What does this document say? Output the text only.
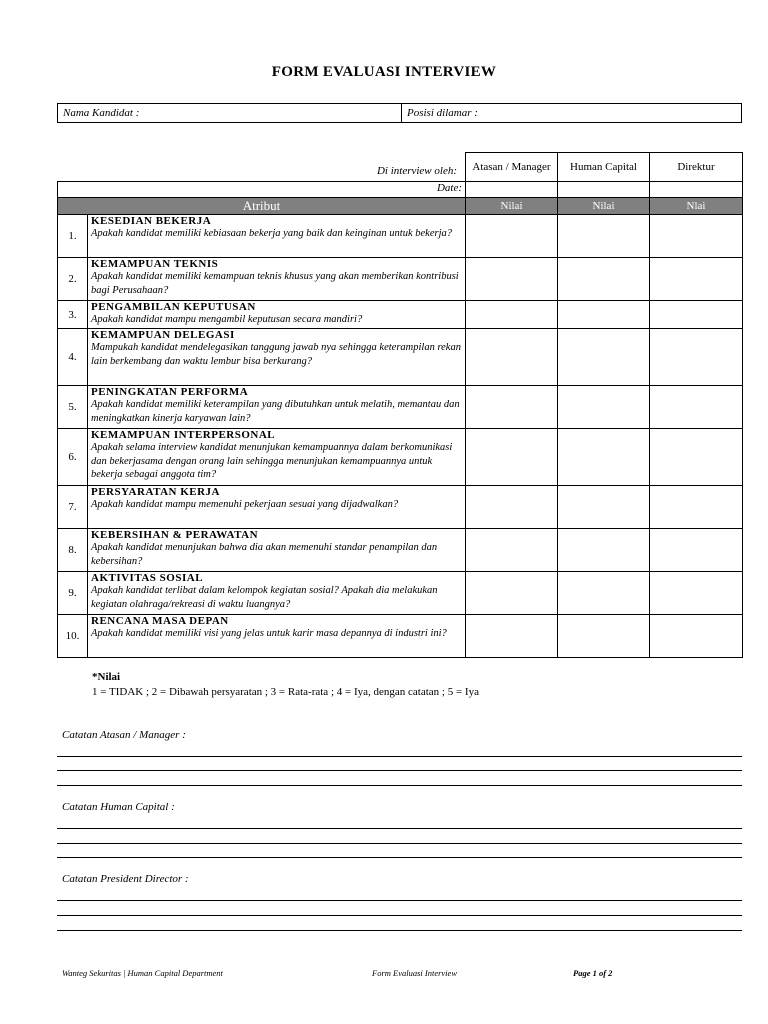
FORM EVALUASI INTERVIEW
Nama Kandidat :	Posisi dilamar :
	Di interview oleh:	Atasan / Manager	Human Capital	Direktur
Date:				
Atribut		Nilai	Nilai	Nlai
1.	KESEDIAN BEKERJA
Apakah kandidat memiliki kebiasaan bekerja yang baik dan keinginan untuk bekerja?			

2.	KEMAMPUAN TEKNIS
Apakah kandidat memiliki kemampuan teknis khusus yang akan memberikan kontribusi bagi Perusahaan?			

3.	PENGAMBILAN KEPUTUSAN
Apakah kandidat mampu mengambil keputusan secara mandiri?			

4.	KEMAMPUAN DELEGASI
Mampukah kandidat mendelegasikan tanggung jawab nya sehingga keterampilan rekan lain berkembang dan waktu lembur bisa berkurang?			

5.	PENINGKATAN PERFORMA
Apakah kandidat memiliki keterampilan yang dibutuhkan untuk melatih, memantau dan meningkatkan kinerja karyawan lain?			

6.	KEMAMPUAN INTERPERSONAL
Apakah selama interview kandidat menunjukan kemampuannya dalam berkomunikasi dan bekerjasama dengan orang lain sehingga menunjukan kemampuannya untuk bekerja sebagai anggota tim?			

7.	PERSYARATAN KERJA
Apakah kandidat mampu memenuhi pekerjaan sesuai yang dijadwalkan?			

8.	KEBERSIHAN & PERAWATAN
Apakah kandidat menunjukan bahwa dia akan memenuhi standar penampilan dan kebersihan?			

9.	AKTIVITAS SOSIAL
Apakah kandidat terlibat dalam kelompok kegiatan sosial? Apakah dia melakukan kegiatan olahraga/rekreasi di waktu luangnya?			

10.	RENCANA MASA DEPAN
Apakah kandidat memiliki visi yang jelas untuk karir masa depannya di industri ini?			

*Nilai
1 = TIDAK ; 2 = Dibawah persyaratan ; 3 = Rata-rata ; 4 = Iya, dengan catatan ; 5 = Iya
Catatan Atasan / Manager :
Catatan Human Capital :
Catatan President Director :
Wanteg Sekuritas | Human Capital Department	Form Evaluasi Interview	Page 1 of 2
